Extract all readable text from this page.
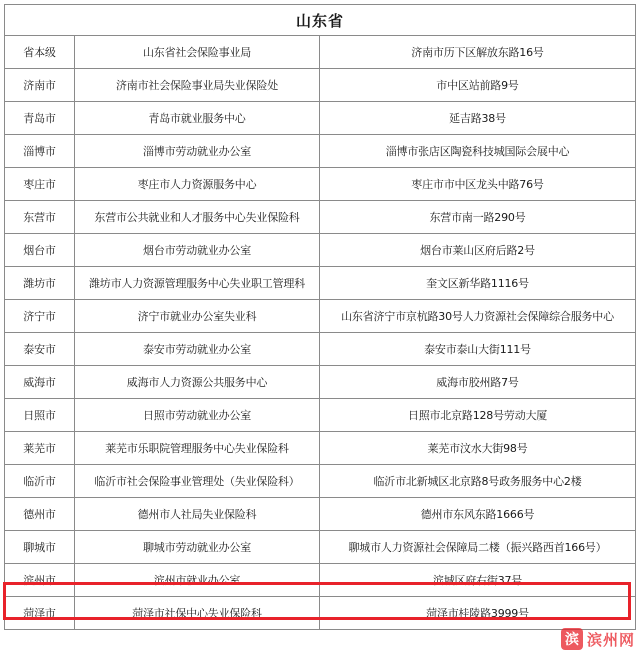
山东省		
省本级	山东省社会保险事业局	济南市历下区解放东路16号
济南市	济南市社会保险事业局失业保险处	市中区站前路9号
青岛市	青岛市就业服务中心	延吉路38号
淄博市	淄博市劳动就业办公室	淄博市张店区陶瓷科技城国际会展中心
枣庄市	枣庄市人力资源服务中心	枣庄市市中区龙头中路76号
东营市	东营市公共就业和人才服务中心失业保险科	东营市南一路290号
烟台市	烟台市劳动就业办公室	烟台市莱山区府后路2号
潍坊市	潍坊市人力资源管理服务中心失业职工管理科	奎文区新华路1116号
济宁市	济宁市就业办公室失业科	山东省济宁市京杭路30号人力资源社会保障综合服务中心
泰安市	泰安市劳动就业办公室	泰安市泰山大街111号
威海市	威海市人力资源公共服务中心	威海市胶州路7号
日照市	日照市劳动就业办公室	日照市北京路128号劳动大厦
莱芜市	莱芜市乐职院管理服务中心失业保险科	莱芜市汶水大街98号
临沂市	临沂市社会保险事业管理处（失业保险科）	临沂市北新城区北京路8号政务服务中心2楼
德州市	德州市人社局失业保险科	德州市东风东路1666号
聊城市	聊城市劳动就业办公室	聊城市人力资源社会保障局二楼（振兴路西首166号）
滨州市	滨州市就业办公室	滨城区府右街37号
菏泽市	菏泽市社保中心失业保险科	菏泽市桂陵路3999号
滨 滨州网
